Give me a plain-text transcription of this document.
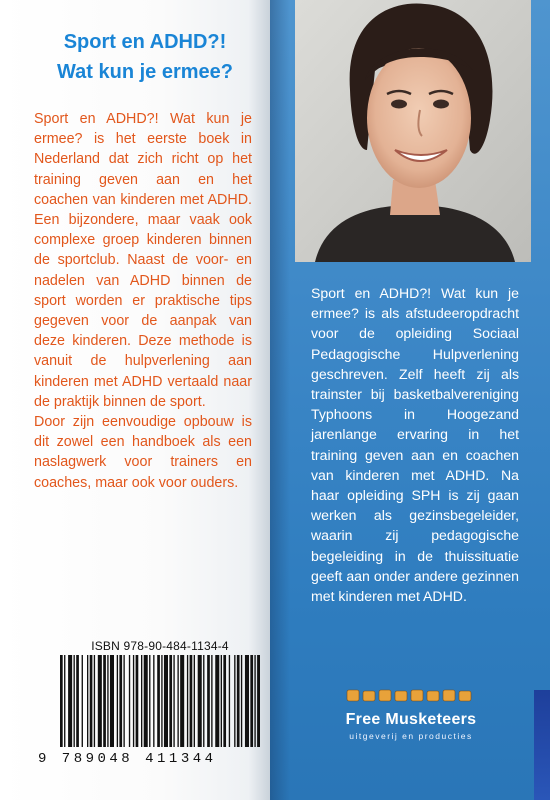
Sport en ADHD?!
Wat kun je ermee?

Sport en ADHD?! Wat kun je ermee? is het eerste boek in Nederland dat zich richt op het training geven aan en het coachen van kinderen met ADHD. Een bijzondere, maar vaak ook complexe groep kinderen binnen de sportclub. Naast de voor- en nadelen van ADHD binnen de sport worden er praktische tips gegeven voor de aanpak van deze kinderen. Deze methode is vanuit de hulpverlening aan kinderen met ADHD vertaald naar de praktijk binnen de sport.

Door zijn eenvoudige opbouw is dit zowel een handboek als een naslagwerk voor trainers en coaches, maar ook voor ouders.

Sport en ADHD?! Wat kun je ermee? is als afstudeeropdracht voor de opleiding Sociaal Pedagogische Hulpverlening geschreven. Zelf heeft zij als trainster bij basketbalvereniging Typhoons in Hoogezand jarenlange ervaring in het training geven aan en coachen van kinderen met ADHD. Na haar opleiding SPH is zij gaan werken als gezinsbegeleider, waarin zij pedagogische begeleiding in de thuissituatie geeft aan onder andere gezinnen met kinderen met ADHD.

ISBN 978-90-484-1134-4
9 789048 411344
Free Musketeers
uitgeverij en producties
